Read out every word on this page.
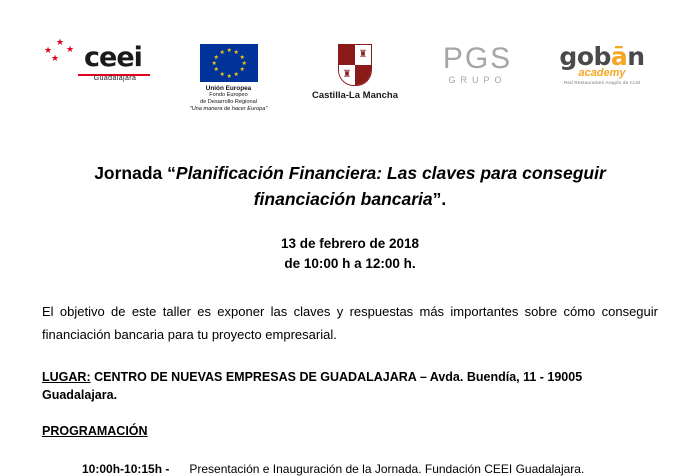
★
★ ★
★ ceei
Guadalajara
★
★ ★
★	★
★	★
★	★
★ ★
★
Unión Europea
Fondo Europeo
de Desarrollo Regional
"Una manera de hacer Europa"
♜
♜
Castilla-La Mancha
PGS
GRUPO
gobān
academy
Red Restaurantes Aragón de CLM
Jornada “Planificación Financiera: Las claves para conseguir financiación bancaria”.
13 de febrero de 2018
de 10:00 h a 12:00 h.
El objetivo de este taller es exponer las claves y respuestas más importantes sobre cómo conseguir financiación bancaria para tu proyecto empresarial.
LUGAR: CENTRO DE NUEVAS EMPRESAS DE GUADALAJARA – Avda. Buendía, 11 - 19005 Guadalajara.
PROGRAMACIÓN
10:00h-10:15h - Presentación e Inauguración de la Jornada. Fundación CEEI Guadalajara.
